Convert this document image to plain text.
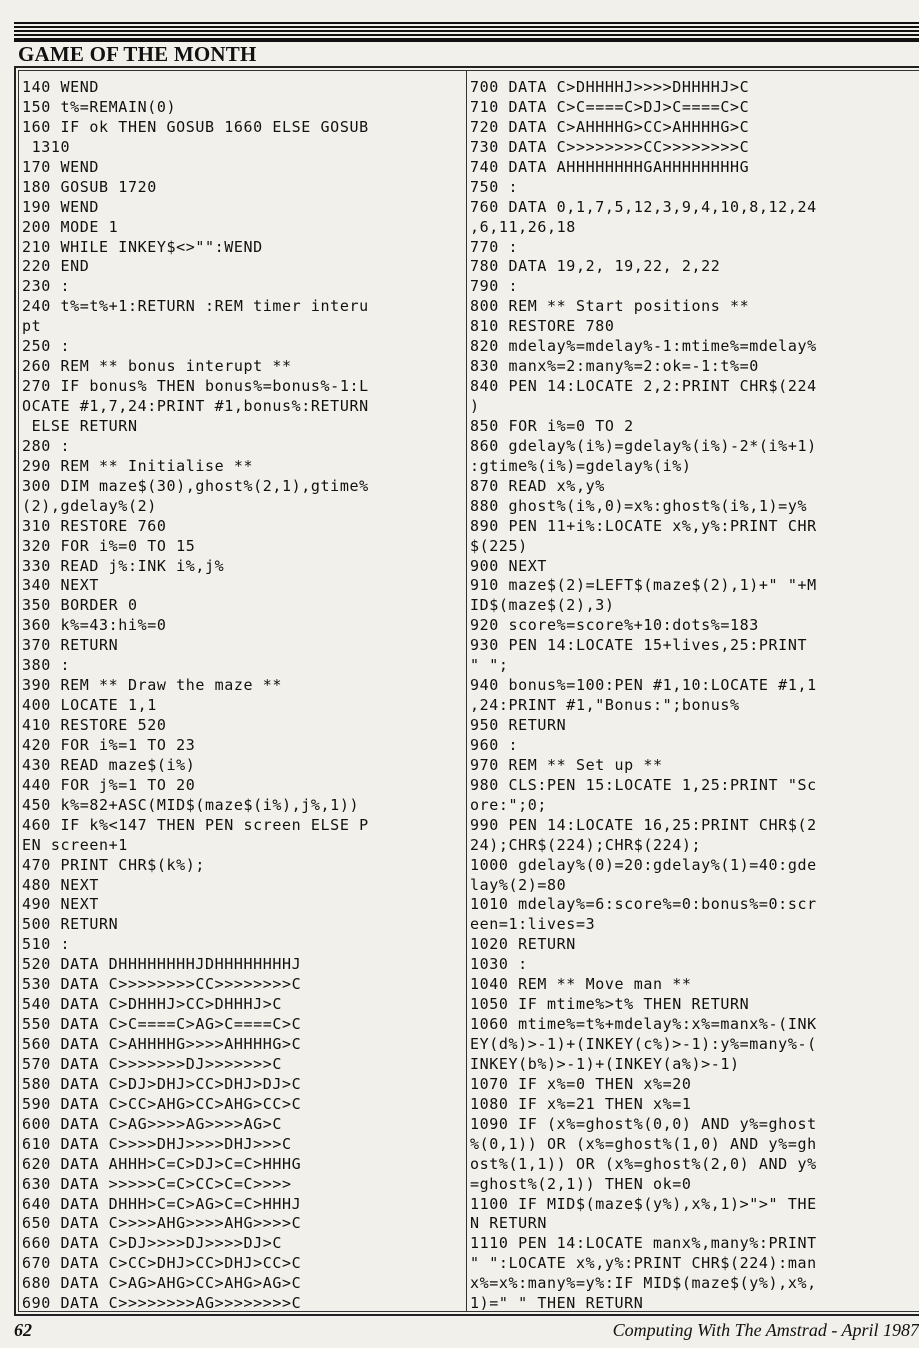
GAME OF THE MONTH
140 WEND
150 t%=REMAIN(0)
160 IF ok THEN GOSUB 1660 ELSE GOSUB
1310
170 WEND
180 GOSUB 1720
190 WEND
200 MODE 1
210 WHILE INKEY$<>"":WEND
220 END
230 :
240 t%=t%+1:RETURN :REM timer interu
pt
250 :
260 REM ** bonus interupt **
270 IF bonus% THEN bonus%=bonus%-1:L
OCATE #1,7,24:PRINT #1,bonus%:RETURN
ELSE RETURN
280 :
290 REM ** Initialise **
300 DIM maze$(30),ghost%(2,1),gtime%
(2),gdelay%(2)
310 RESTORE 760
320 FOR i%=0 TO 15
330 READ j%:INK i%,j%
340 NEXT
350 BORDER 0
360 k%=43:hi%=0
370 RETURN
380 :
390 REM ** Draw the maze **
400 LOCATE 1,1
410 RESTORE 520
420 FOR i%=1 TO 23
430 READ maze$(i%)
440 FOR j%=1 TO 20
450 k%=82+ASC(MID$(maze$(i%),j%,1))
460 IF k%<147 THEN PEN screen ELSE P
EN screen+1
470 PRINT CHR$(k%);
480 NEXT
490 NEXT
500 RETURN
510 :
520 DATA DHHHHHHHHJDHHHHHHHHJ
530 DATA C>>>>>>>>CC>>>>>>>>C
540 DATA C>DHHHJ>CC>DHHHJ>C
550 DATA C>C====C>AG>C====C>C
560 DATA C>AHHHHG>>>>AHHHHG>C
570 DATA C>>>>>>>DJ>>>>>>>C
580 DATA C>DJ>DHJ>CC>DHJ>DJ>C
590 DATA C>CC>AHG>CC>AHG>CC>C
600 DATA C>AG>>>>AG>>>>AG>C
610 DATA C>>>>DHJ>>>>DHJ>>>C
620 DATA AHHH>C=C>DJ>C=C>HHHG
630 DATA >>>>>C=C>CC>C=C>>>>
640 DATA DHHH>C=C>AG>C=C>HHHJ
650 DATA C>>>>AHG>>>>AHG>>>>C
660 DATA C>DJ>>>>DJ>>>>DJ>C
670 DATA C>CC>DHJ>CC>DHJ>CC>C
680 DATA C>AG>AHG>CC>AHG>AG>C
690 DATA C>>>>>>>>AG>>>>>>>>C
700 DATA C>DHHHHJ>>>>DHHHHJ>C
710 DATA C>C====C>DJ>C====C>C
720 DATA C>AHHHHG>CC>AHHHHG>C
730 DATA C>>>>>>>>CC>>>>>>>>C
740 DATA AHHHHHHHHGAHHHHHHHHG
750 :
760 DATA 0,1,7,5,12,3,9,4,10,8,12,24
,6,11,26,18
770 :
780 DATA 19,2, 19,22, 2,22
790 :
800 REM ** Start positions **
810 RESTORE 780
820 mdelay%=mdelay%-1:mtime%=mdelay%
830 manx%=2:many%=2:ok=-1:t%=0
840 PEN 14:LOCATE 2,2:PRINT CHR$(224
)
850 FOR i%=0 TO 2
860 gdelay%(i%)=gdelay%(i%)-2*(i%+1)
:gtime%(i%)=gdelay%(i%)
870 READ x%,y%
880 ghost%(i%,0)=x%:ghost%(i%,1)=y%
890 PEN 11+i%:LOCATE x%,y%:PRINT CHR
$(225)
900 NEXT
910 maze$(2)=LEFT$(maze$(2),1)+" "+M
ID$(maze$(2),3)
920 score%=score%+10:dots%=183
930 PEN 14:LOCATE 15+lives,25:PRINT
" ";
940 bonus%=100:PEN #1,10:LOCATE #1,1
,24:PRINT #1,"Bonus:";bonus%
950 RETURN
960 :
970 REM ** Set up **
980 CLS:PEN 15:LOCATE 1,25:PRINT "Sc
ore:";0;
990 PEN 14:LOCATE 16,25:PRINT CHR$(2
24);CHR$(224);CHR$(224);
1000 gdelay%(0)=20:gdelay%(1)=40:gde
lay%(2)=80
1010 mdelay%=6:score%=0:bonus%=0:scr
een=1:lives=3
1020 RETURN
1030 :
1040 REM ** Move man **
1050 IF mtime%>t% THEN RETURN
1060 mtime%=t%+mdelay%:x%=manx%-(INK
EY(d%)>-1)+(INKEY(c%)>-1):y%=many%-(
INKEY(b%)>-1)+(INKEY(a%)>-1)
1070 IF x%=0 THEN x%=20
1080 IF x%=21 THEN x%=1
1090 IF (x%=ghost%(0,0) AND y%=ghost
%(0,1)) OR (x%=ghost%(1,0) AND y%=gh
ost%(1,1)) OR (x%=ghost%(2,0) AND y%
=ghost%(2,1)) THEN ok=0
1100 IF MID$(maze$(y%),x%,1)>">" THE
N RETURN
1110 PEN 14:LOCATE manx%,many%:PRINT
" ":LOCATE x%,y%:PRINT CHR$(224):man
x%=x%:many%=y%:IF MID$(maze$(y%),x%,
1)=" " THEN RETURN
62	Computing With The Amstrad - April 1987
